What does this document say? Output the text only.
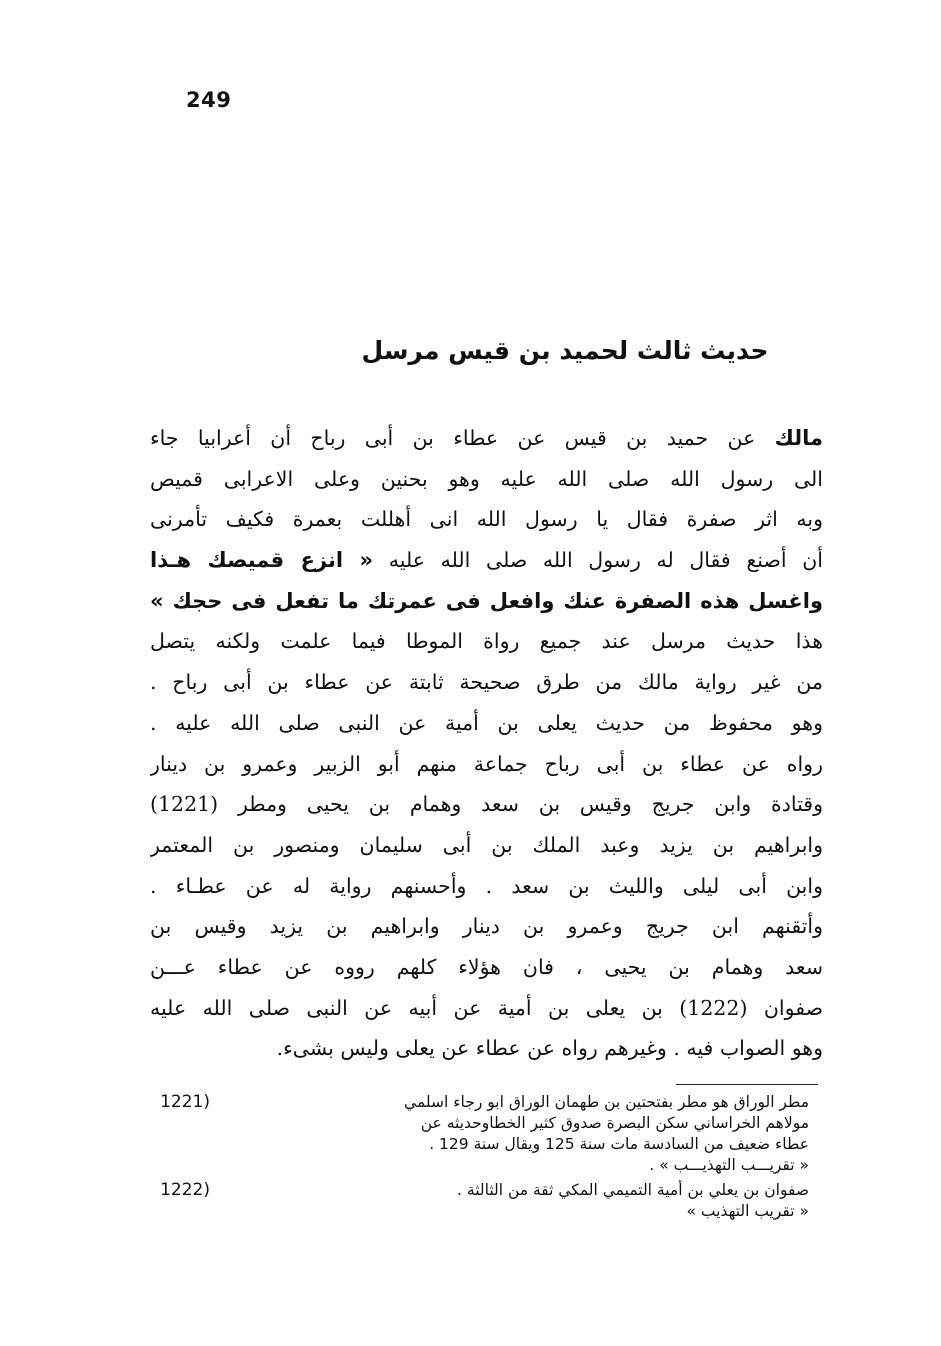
249
حديث ثالث لحميد بن قيس مرسل
مالك عن حميد بن قيس عن عطاء بن أبى رباح أن أعرابيا جاء
الى رسول الله صلى الله عليه وهو بحنين وعلى الاعرابى قميص
وبه اثر صفرة فقال يا رسول الله انى أهللت بعمرة فكيف تأمرنى
أن أصنع فقال له رسول الله صلى الله عليه « انزع قميصك هـذا
واغسل هذه الصفرة عنك وافعل فى عمرتك ما تفعل فى حجك »
هذا حديث مرسل عند جميع رواة الموطا فيما علمت ولكنه يتصل
من غير رواية مالك من طرق صحيحة ثابتة عن عطاء بن أبى رباح .
وهو محفوظ من حديث يعلى بن أمية عن النبى صلى الله عليه .
رواه عن عطاء بن أبى رباح جماعة منهم أبو الزبير وعمرو بن دينار
وقتادة وابن جريج وقيس بن سعد وهمام بن يحيى ومطر (1221)
وابراهيم بن يزيد وعبد الملك بن أبى سليمان ومنصور بن المعتمر
وابن أبى ليلى والليث بن سعد . وأحسنهم رواية له عن عطـاء .
وأتقنهم ابن جريج وعمرو بن دينار وابراهيم بن يزيد وقيس بن
سعد وهمام بن يحيى ، فان هؤلاء كلهم رووه عن عطاء عـــن
صفوان (1222) بن يعلى بن أمية عن أبيه عن النبى صلى الله عليه
وهو الصواب فيه . وغيرهم رواه عن عطاء عن يعلى وليس بشىء.
مطر الوراق هو مطر بفتحتين بن طهمان الوراق ابو رجاء اسلمي
مولاهم الخراساني سكن البصرة صدوق كثير الخطاوحديثه عن
عطاء ضعيف من السادسة مات سنة 125 ويقال سنة 129 .
« تقريـــب التهذيـــب » .
1221)
صفوان بن يعلي بن أمية التميمي المكي ثقة من الثالثة .
« تقريب التهذيب »
1222)
